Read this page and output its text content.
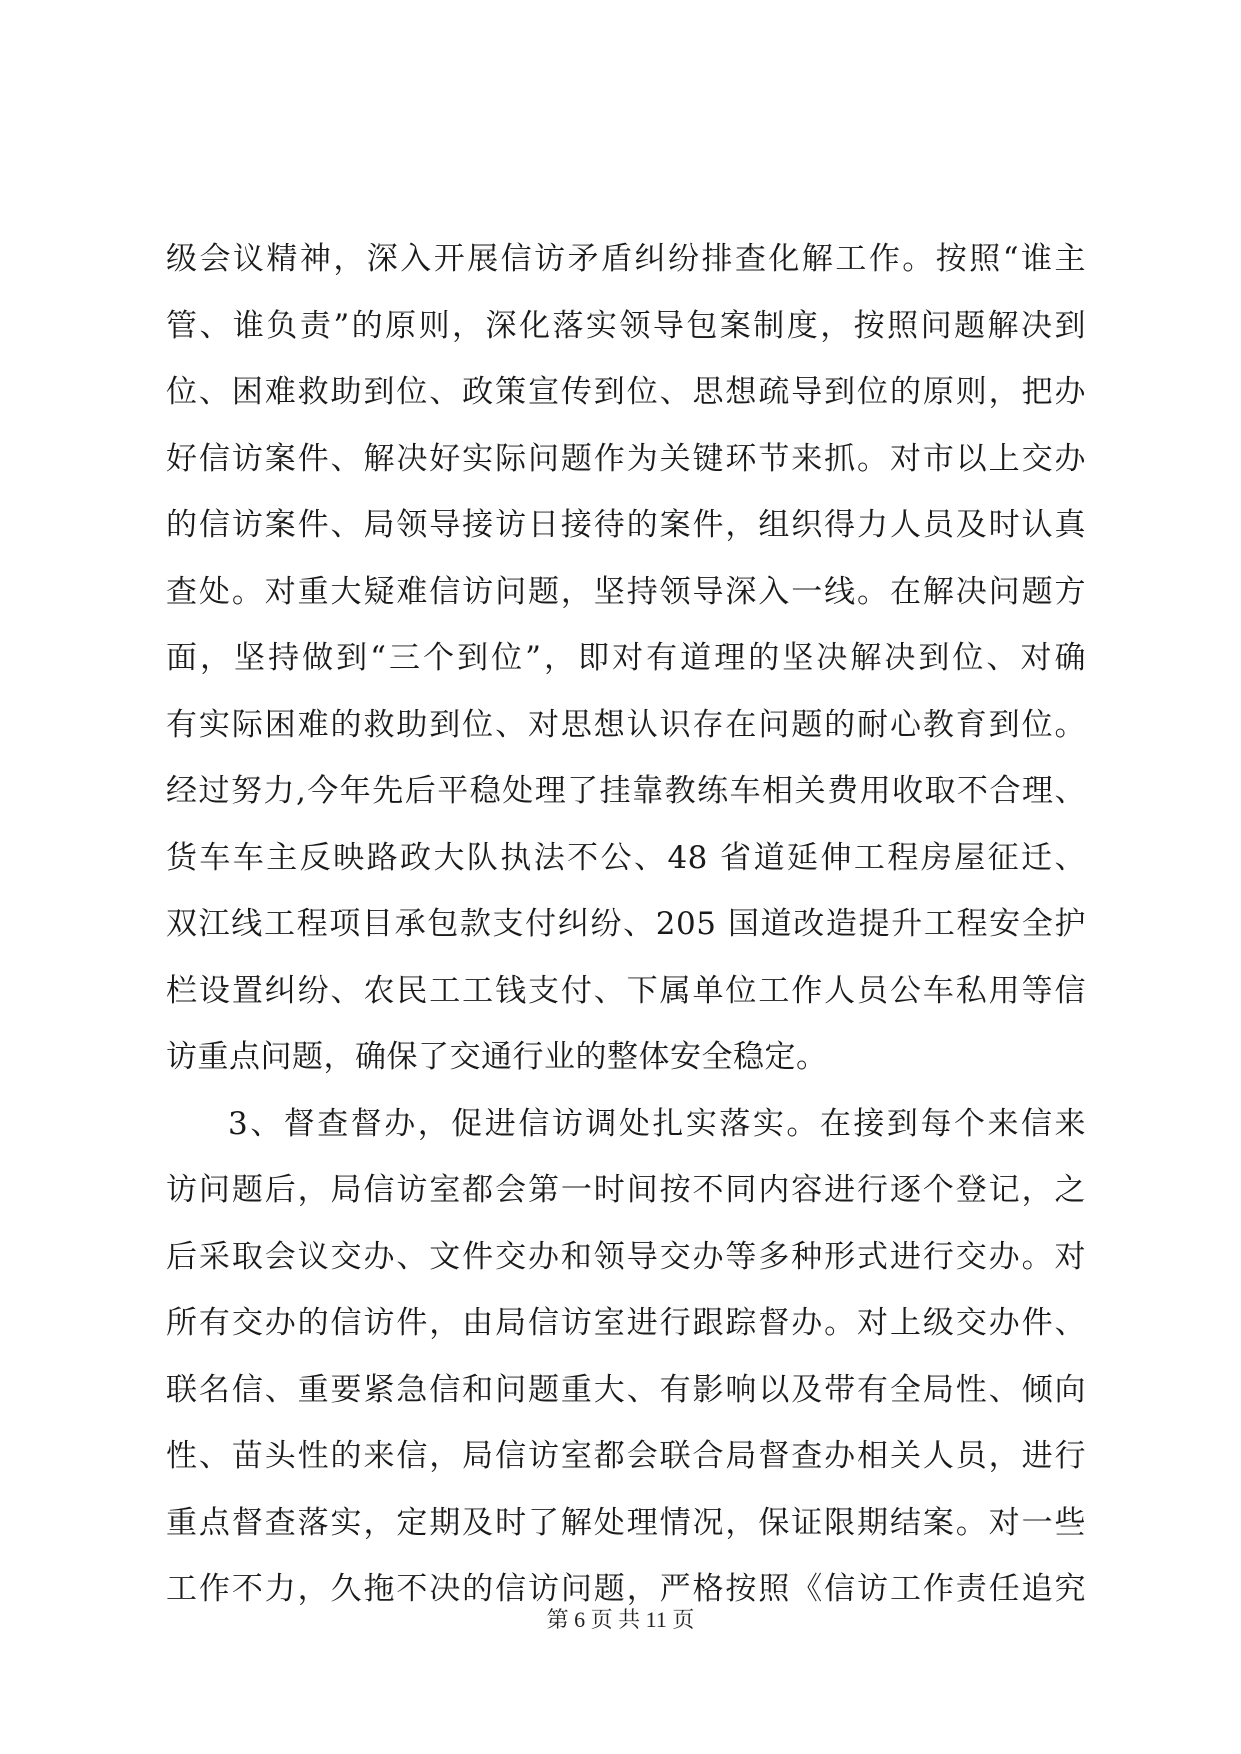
级会议精神，深入开展信访矛盾纠纷排查化解工作。按照“谁主
管、谁负责”的原则，深化落实领导包案制度，按照问题解决到
位、困难救助到位、政策宣传到位、思想疏导到位的原则，把办
好信访案件、解决好实际问题作为关键环节来抓。对市以上交办
的信访案件、局领导接访日接待的案件，组织得力人员及时认真
查处。对重大疑难信访问题，坚持领导深入一线。在解决问题方
面，坚持做到“三个到位”，即对有道理的坚决解决到位、对确
有实际困难的救助到位、对思想认识存在问题的耐心教育到位。
经过努力,今年先后平稳处理了挂靠教练车相关费用收取不合理、
货车车主反映路政大队执法不公、48 省道延伸工程房屋征迁、
双江线工程项目承包款支付纠纷、205 国道改造提升工程安全护
栏设置纠纷、农民工工钱支付、下属单位工作人员公车私用等信
访重点问题，确保了交通行业的整体安全稳定。
3、督查督办，促进信访调处扎实落实。在接到每个来信来
访问题后，局信访室都会第一时间按不同内容进行逐个登记，之
后采取会议交办、文件交办和领导交办等多种形式进行交办。对
所有交办的信访件，由局信访室进行跟踪督办。对上级交办件、
联名信、重要紧急信和问题重大、有影响以及带有全局性、倾向
性、苗头性的来信，局信访室都会联合局督查办相关人员，进行
重点督查落实，定期及时了解处理情况，保证限期结案。对一些
工作不力，久拖不决的信访问题，严格按照《信访工作责任追究
第 6 页 共 11 页
